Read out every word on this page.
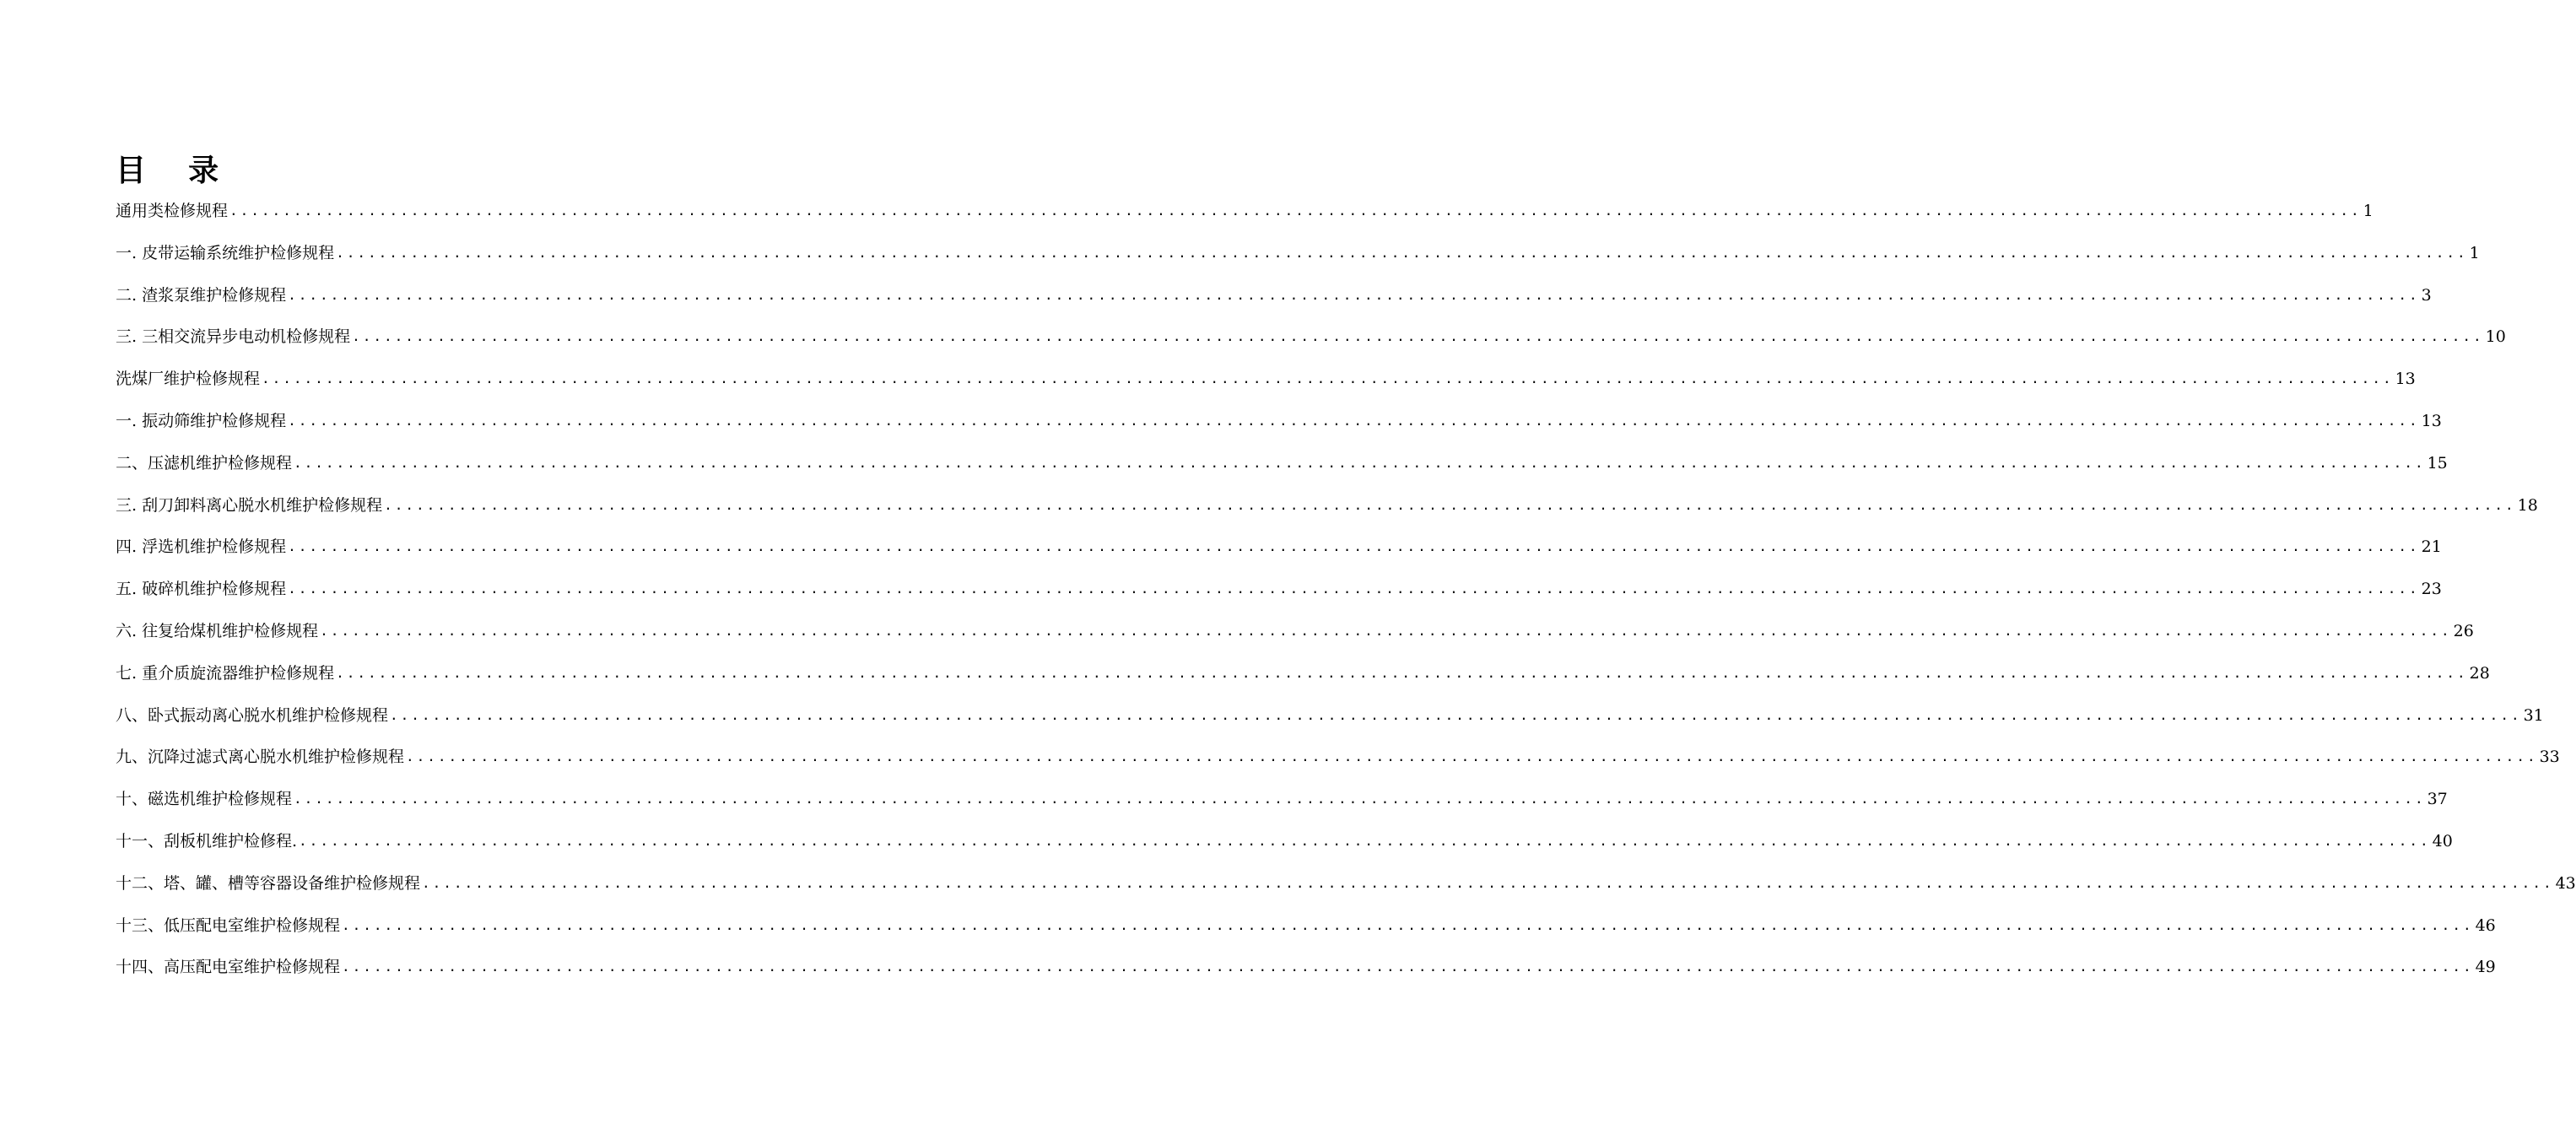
目    录
通用类检修规程 ........................................................................................................................................................................................................ 1
一. 皮带运输系统维护检修规程 ........................................................................................................................................................................................................ 1
二. 渣浆泵维护检修规程 ........................................................................................................................................................................................................ 3
三. 三相交流异步电动机检修规程 ........................................................................................................................................................................................................ 10
洗煤厂维护检修规程 ........................................................................................................................................................................................................ 13
一. 振动筛维护检修规程 ........................................................................................................................................................................................................ 13
二、压滤机维护检修规程 ........................................................................................................................................................................................................ 15
三. 刮刀卸料离心脱水机维护检修规程 ........................................................................................................................................................................................................ 18
四. 浮选机维护检修规程 ........................................................................................................................................................................................................ 21
五. 破碎机维护检修规程 ........................................................................................................................................................................................................ 23
六. 往复给煤机维护检修规程 ........................................................................................................................................................................................................ 26
七. 重介质旋流器维护检修规程 ........................................................................................................................................................................................................ 28
八、卧式振动离心脱水机维护检修规程 ........................................................................................................................................................................................................ 31
九、沉降过滤式离心脱水机维护检修规程 ........................................................................................................................................................................................................ 33
十、磁选机维护检修规程 ........................................................................................................................................................................................................ 37
十一、刮板机维护检修程. ........................................................................................................................................................................................................ 40
十二、塔、罐、槽等容器设备维护检修规程 ........................................................................................................................................................................................................ 43
十三、低压配电室维护检修规程 ........................................................................................................................................................................................................ 46
十四、高压配电室维护检修规程 ........................................................................................................................................................................................................ 49
